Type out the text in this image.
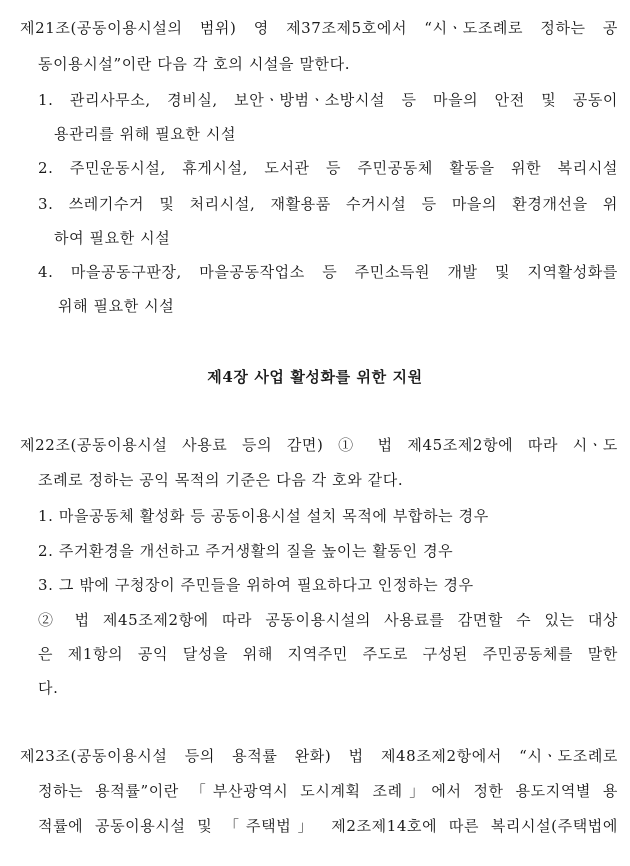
제21조(공동이용시설의 범위) 영 제37조제5호에서 “시ㆍ도조례로 정하는 공
동이용시설”이란 다음 각 호의 시설을 말한다.
1. 관리사무소, 경비실, 보안ㆍ방범ㆍ소방시설 등 마을의 안전 및 공동이
용관리를 위해 필요한 시설
2. 주민운동시설, 휴게시설, 도서관 등 주민공동체 활동을 위한 복리시설
3. 쓰레기수거 및 처리시설, 재활용품 수거시설 등 마을의 환경개선을 위
하여 필요한 시설
4. 마을공동구판장, 마을공동작업소 등 주민소득원 개발 및 지역활성화를
위해 필요한 시설
제4장 사업 활성화를 위한 지원
제22조(공동이용시설 사용료 등의 감면) ① 법 제45조제2항에 따라 시ㆍ도
조례로 정하는 공익 목적의 기준은 다음 각 호와 같다.
1. 마을공동체 활성화 등 공동이용시설 설치 목적에 부합하는 경우
2. 주거환경을 개선하고 주거생활의 질을 높이는 활동인 경우
3. 그 밖에 구청장이 주민들을 위하여 필요하다고 인정하는 경우
② 법 제45조제2항에 따라 공동이용시설의 사용료를 감면할 수 있는 대상
은 제1항의 공익 달성을 위해 지역주민 주도로 구성된 주민공동체를 말한
다.
제23조(공동이용시설 등의 용적률 완화) 법 제48조제2항에서 “시ㆍ도조례로
정하는 용적률”이란 「부산광역시 도시계획 조례」에서 정한 용도지역별 용
적률에 공동이용시설 및 「주택법」 제2조제14호에 따른 복리시설(주택법에
